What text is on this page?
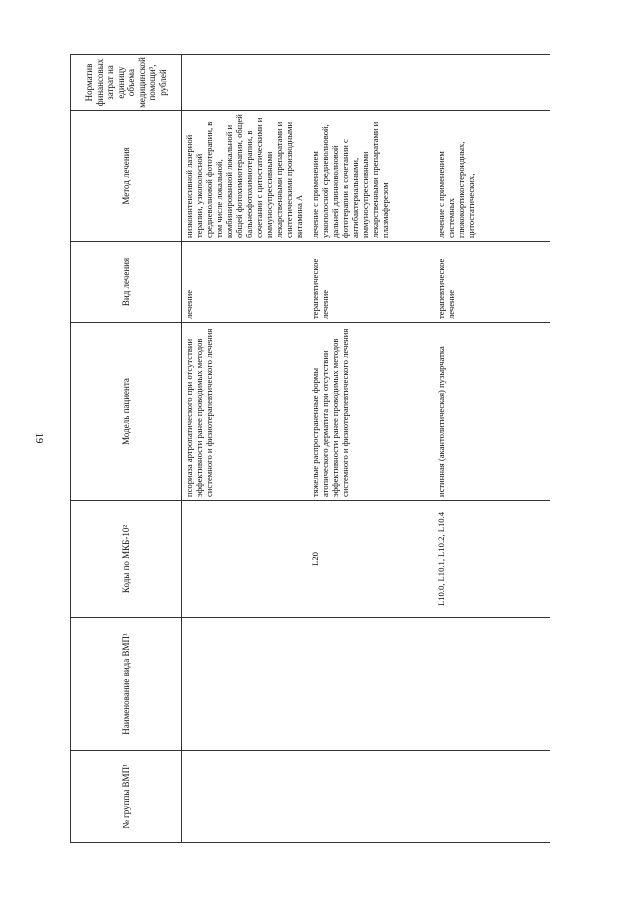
19
№ группы ВМП¹	Наименование вида ВМП¹	Коды по МКБ-10²	Модель пациента	Вид лечения	Метод лечения	Норматив финансовых затрат на единицу объема медицинской помощи³, рублей
			псориаза артропатического при отсутствии эффективности ранее проводимых методов системного и физиотерапевтического лечения	лечение	низкоинтенсивной лазерной терапии, узкополосной средневолновой фототерапии, в том числе локальной, комбинированной локальной и общей фотохимиотерапии, общей бальнеофотохимиотерапии, в сочетании с цитостатическими и иммуносупрессивными лекарственными препаратами и синтетическими производными витамина А	
		L20	тяжелые распространенные формы атопического дерматита при отсутствии эффективности ранее проводимых методов системного и физиотерапевтического лечения	терапевтическое лечение	лечение с применением узкополосной средневолновой, дальней длинноволновой фототерапии в сочетании с антибактериальными, иммуносупрессивными лекарственными препаратами и плазмаферезом	
		L10.0, L10.1, L10.2, L10.4	истинная (акантолитическая) пузырчатка	терапевтическое лечение	лечение с применением системных глюкокортикостероидных, цитостатических,	
